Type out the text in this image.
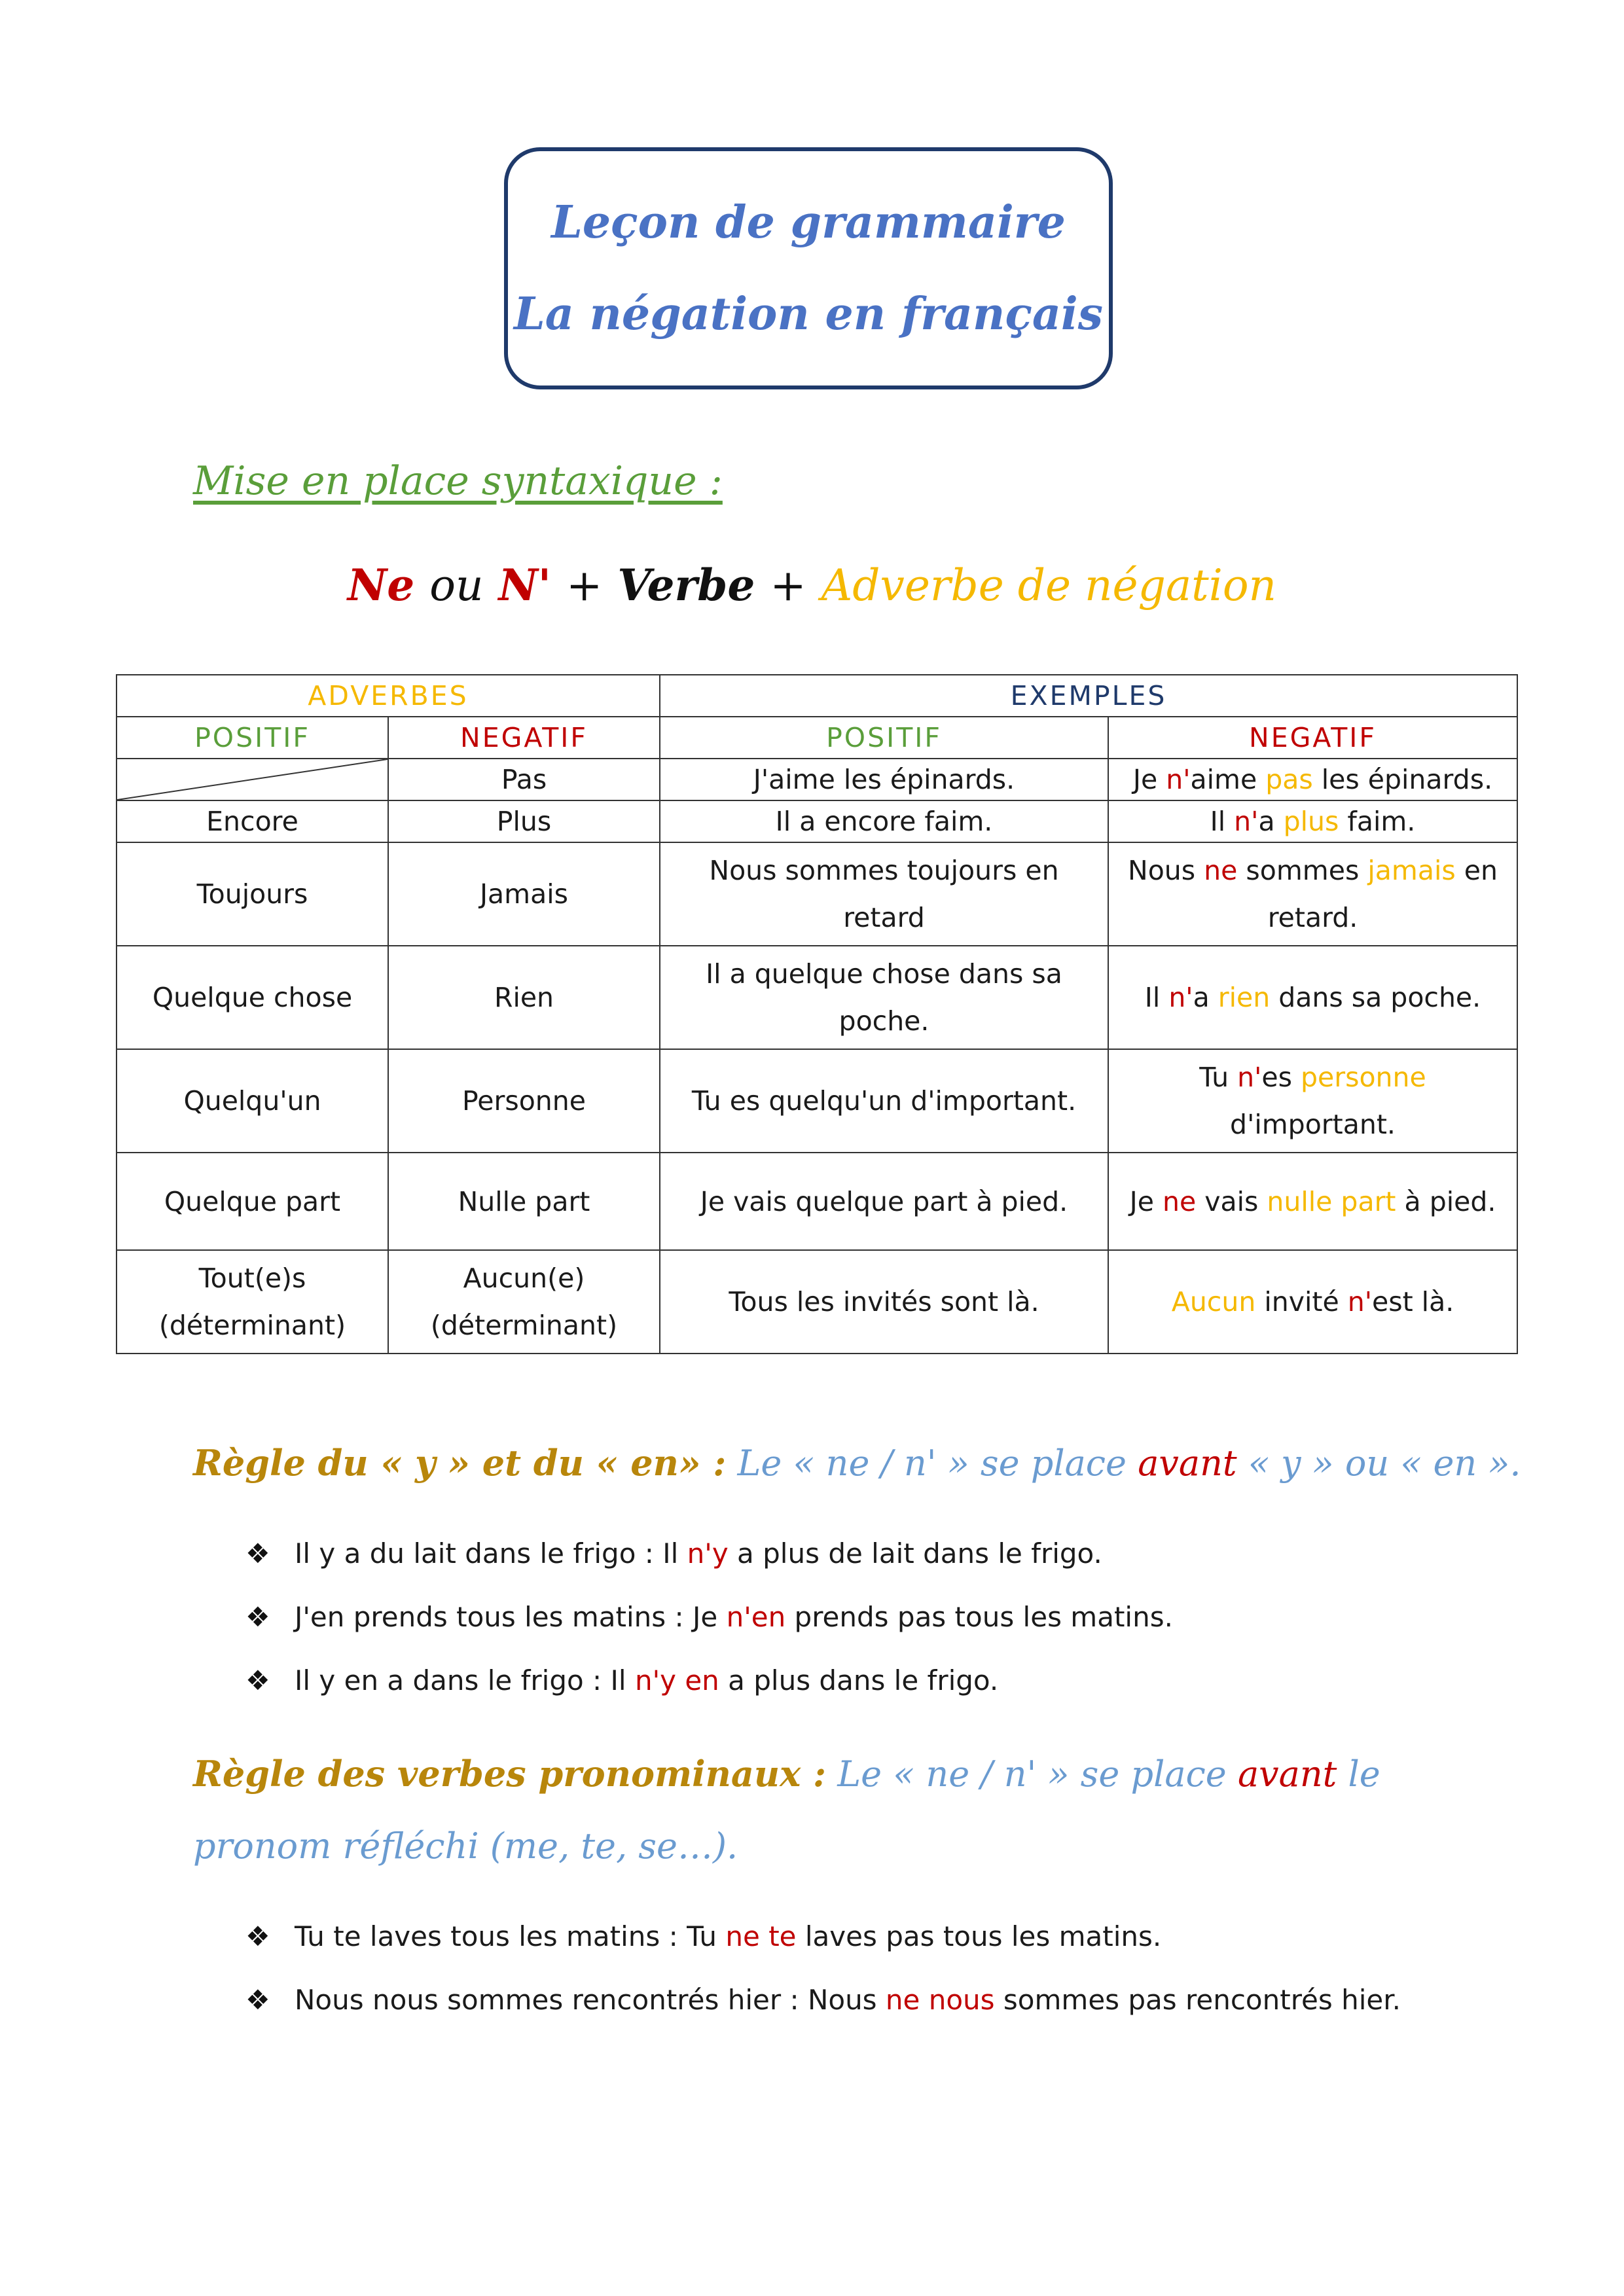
Leçon de grammaire
La négation en français
Mise en place syntaxique :
Ne ou N' + Verbe + Adverbe de négation
ADVERBES		EXEMPLES	
POSITIF	NEGATIF	POSITIF	NEGATIF

	Pas	J'aime les épinards.	Je n'aime pas les épinards.
Encore	Plus	Il a encore faim.	Il n'a plus faim.
Toujours	Jamais	Nous sommes toujours en retard	Nous ne sommes jamais en retard.
Quelque chose	Rien	Il a quelque chose dans sa poche.	Il n'a rien dans sa poche.
Quelqu'un	Personne	Tu es quelqu'un d'important.	Tu n'es personne d'important.
Quelque part	Nulle part	Je vais quelque part à pied.	Je ne vais nulle part à pied.
Tout(e)s (déterminant)	Aucun(e) (déterminant)	Tous les invités sont là.	Aucun invité n'est là.
Règle du « y » et du « en» : Le « ne / n' » se place avant « y » ou « en ».
❖ Il y a du lait dans le frigo : Il n'y a plus de lait dans le frigo.
❖ J'en prends tous les matins : Je n'en prends pas tous les matins.
❖ Il y en a dans le frigo : Il n'y en a plus dans le frigo.
Règle des verbes pronominaux : Le « ne / n' » se place avant le pronom réfléchi (me, te, se…).
❖ Tu te laves tous les matins : Tu ne te laves pas tous les matins.
❖ Nous nous sommes rencontrés hier : Nous ne nous sommes pas rencontrés hier.
